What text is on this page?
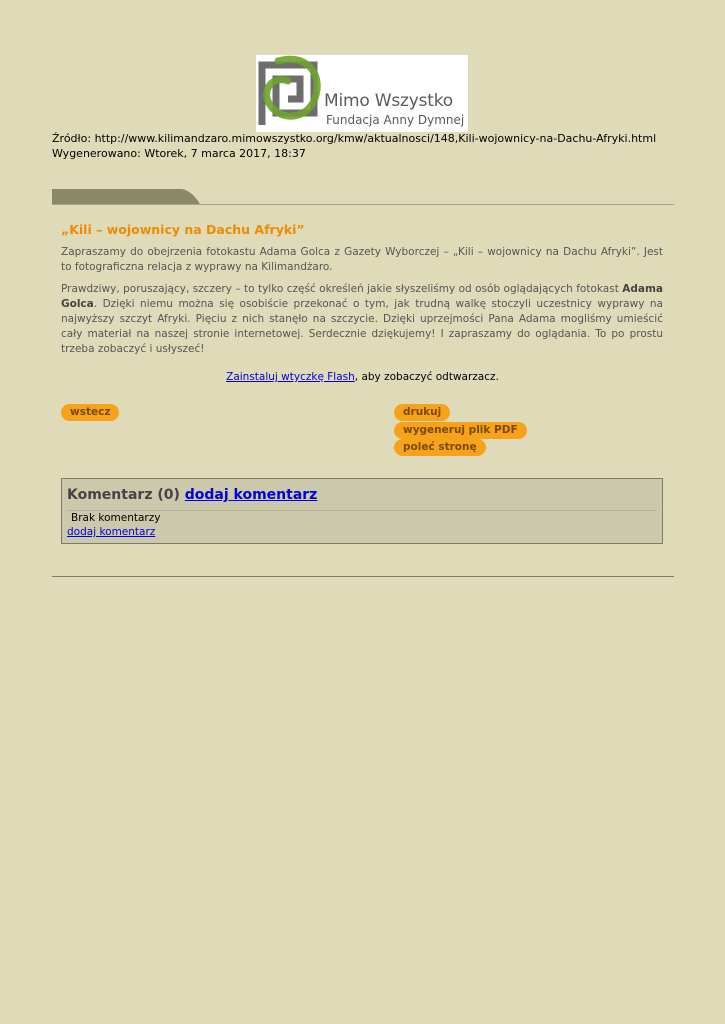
Mimo Wszystko
Fundacja Anny Dymnej
Źródło: http://www.kilimandzaro.mimowszystko.org/kmw/aktualnosci/148,Kili-wojownicy-na-Dachu-Afryki.html
Wygenerowano: Wtorek, 7 marca 2017, 18:37
„Kili – wojownicy na Dachu Afryki”

Zapraszamy do obejrzenia fotokastu Adama Golca z Gazety Wyborczej – „Kili – wojownicy na Dachu Afryki”. Jest to fotograficzna relacja z wyprawy na Kilimandżaro.

Prawdziwy, poruszający, szczery – to tylko część określeń jakie słyszeliśmy od osób oglądających fotokast Adama Golca. Dzięki niemu można się osobiście przekonać o tym, jak trudną walkę stoczyli uczestnicy wyprawy na najwyższy szczyt Afryki. Pięciu z nich stanęło na szczycie. Dzięki uprzejmości Pana Adama mogliśmy umieścić cały materiał na naszej stronie internetowej. Serdecznie dziękujemy! I zapraszamy do oglądania. To po prostu trzeba zobaczyć i usłyszeć!

Zainstaluj wtyczkę Flash, aby zobaczyć odtwarzacz.
wstecz	drukuj
wygeneruj plik PDF
poleć stronę
Komentarz (0) dodaj komentarz
Brak komentarzy
dodaj komentarz
